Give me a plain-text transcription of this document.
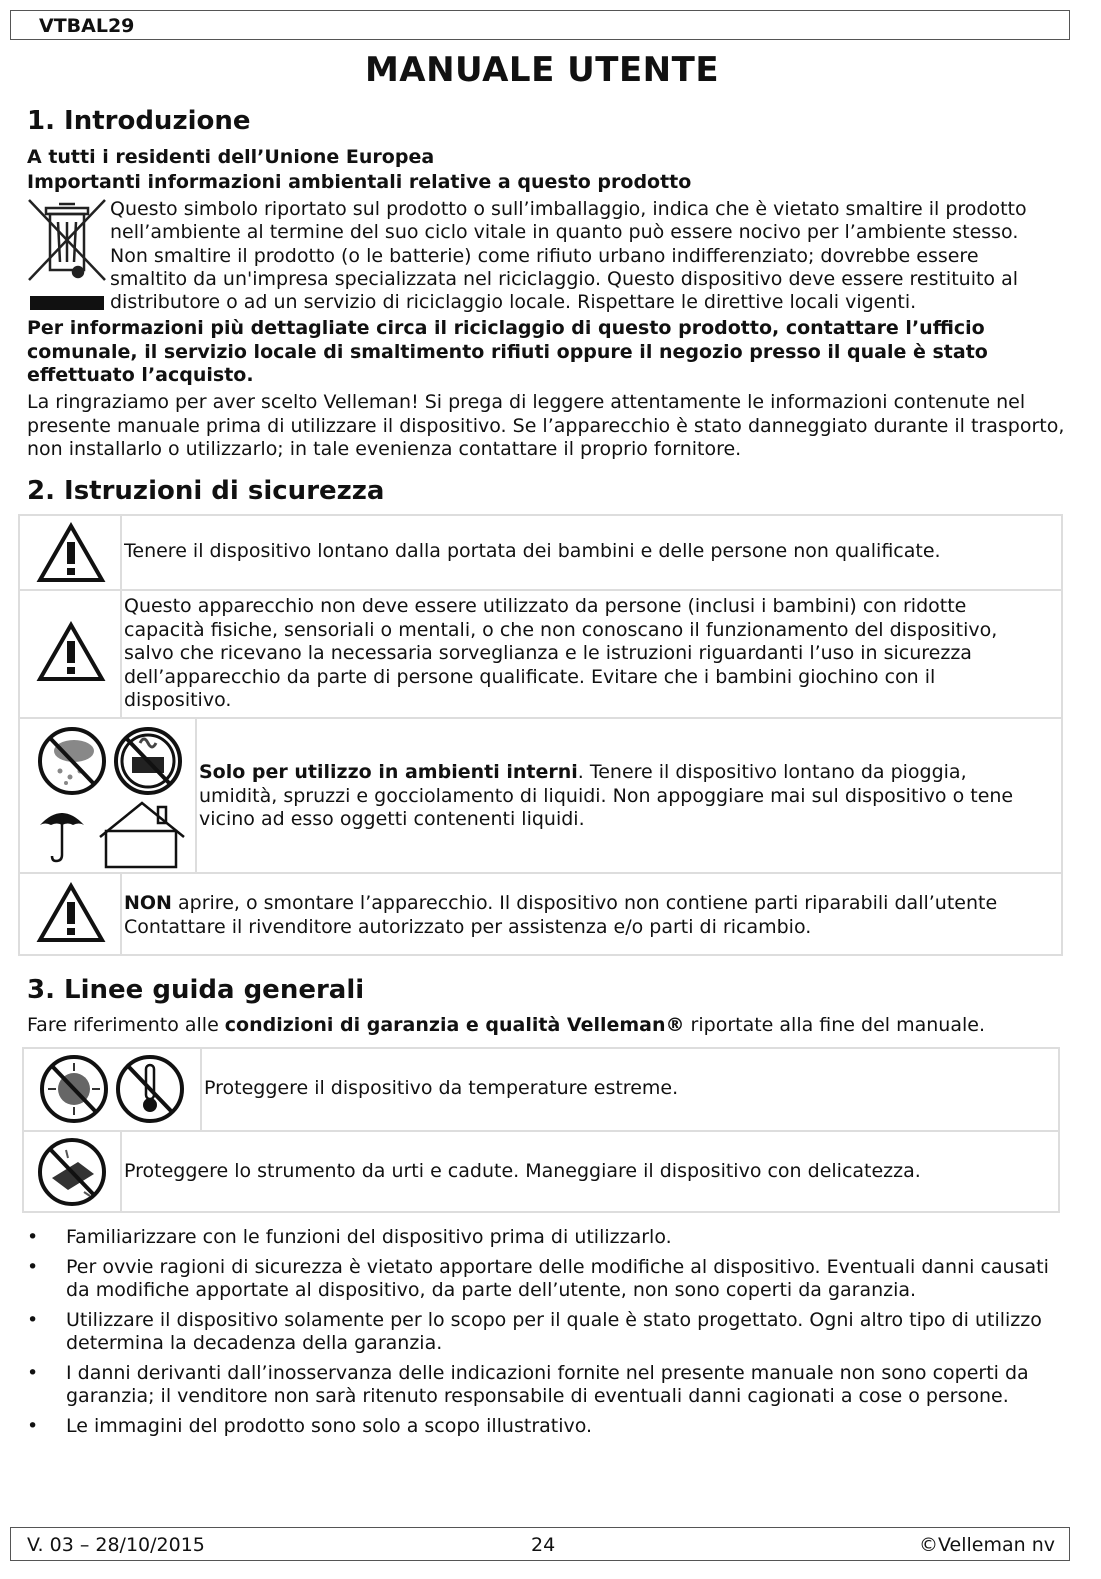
VTBAL29
MANUALE UTENTE
1. Introduzione
A tutti i residenti dell’Unione Europea
Importanti informazioni ambientali relative a questo prodotto
Questo simbolo riportato sul prodotto o sull’imballaggio, indica che è vietato smaltire il prodotto
nell’ambiente al termine del suo ciclo vitale in quanto può essere nocivo per l’ambiente stesso.
Non smaltire il prodotto (o le batterie) come rifiuto urbano indifferenziato; dovrebbe essere
smaltito da un'impresa specializzata nel riciclaggio. Questo dispositivo deve essere restituito al
distributore o ad un servizio di riciclaggio locale. Rispettare le direttive locali vigenti.
Per informazioni più dettagliate circa il riciclaggio di questo prodotto, contattare l’ufficio comunale, il servizio locale di smaltimento rifiuti oppure il negozio presso il quale è stato effettuato l’acquisto.
La ringraziamo per aver scelto Velleman! Si prega di leggere attentamente le informazioni contenute nel presente manuale prima di utilizzare il dispositivo. Se l’apparecchio è stato danneggiato durante il trasporto, non installarlo o utilizzarlo; in tale evenienza contattare il proprio fornitore.
2. Istruzioni di sicurezza
Tenere il dispositivo lontano dalla portata dei bambini e delle persone non qualificate.
Questo apparecchio non deve essere utilizzato da persone (inclusi i bambini) con ridotte
capacità fisiche, sensoriali o mentali, o che non conoscano il funzionamento del dispositivo,
salvo che ricevano la necessaria sorveglianza e le istruzioni riguardanti l’uso in sicurezza
dell’apparecchio da parte di persone qualificate. Evitare che i bambini giochino con il
dispositivo.
Solo per utilizzo in ambienti interni. Tenere il dispositivo lontano da pioggia,
umidità, spruzzi e gocciolamento di liquidi. Non appoggiare mai sul dispositivo o tene
vicino ad esso oggetti contenenti liquidi.
NON aprire, o smontare l’apparecchio. Il dispositivo non contiene parti riparabili dall’utente
Contattare il rivenditore autorizzato per assistenza e/o parti di ricambio.
3. Linee guida generali
Fare riferimento alle condizioni di garanzia e qualità Velleman® riportate alla fine del manuale.
Proteggere il dispositivo da temperature estreme.
Proteggere lo strumento da urti e cadute. Maneggiare il dispositivo con delicatezza.
• Familiarizzare con le funzioni del dispositivo prima di utilizzarlo.
• Per ovvie ragioni di sicurezza è vietato apportare delle modifiche al dispositivo. Eventuali danni causati da modifiche apportate al dispositivo, da parte dell’utente, non sono coperti da garanzia.
• Utilizzare il dispositivo solamente per lo scopo per il quale è stato progettato. Ogni altro tipo di utilizzo determina la decadenza della garanzia.
• I danni derivanti dall’inosservanza delle indicazioni fornite nel presente manuale non sono coperti da garanzia; il venditore non sarà ritenuto responsabile di eventuali danni cagionati a cose o persone.
• Le immagini del prodotto sono solo a scopo illustrativo.
V. 03 – 28/10/2015	24	©Velleman nv
